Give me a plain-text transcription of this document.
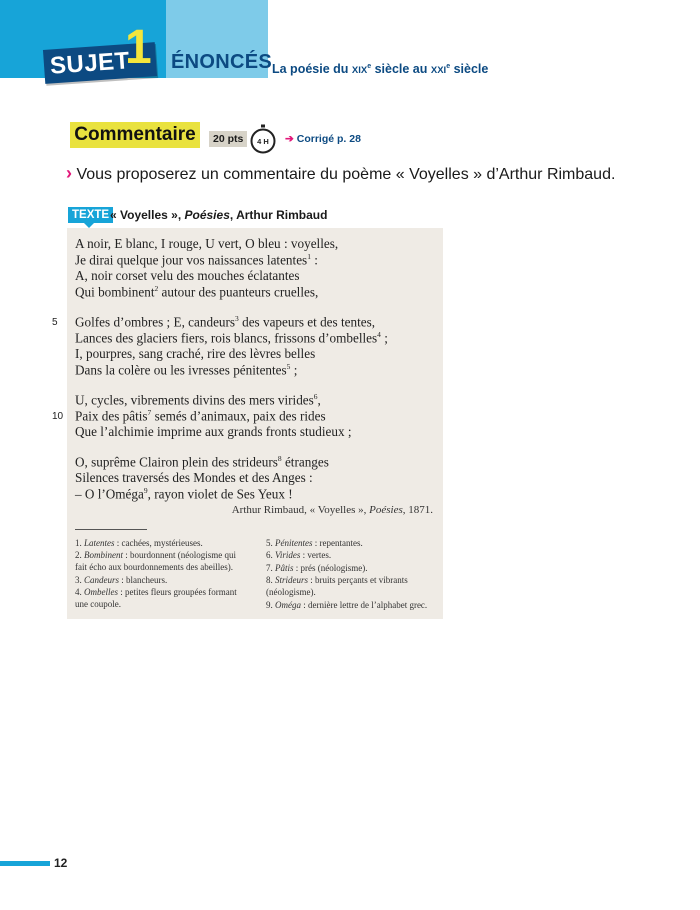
SUJET
1 ÉNONCÉS La poésie du XIXe siècle au XXIe siècle
Commentaire	20 pts	4 H ➔ Corrigé p. 28
› Vous proposerez un commentaire du poème « Voyelles » d’Arthur Rimbaud.
TEXTE « Voyelles », Poésies, Arthur Rimbaud
A noir, E blanc, I rouge, U vert, O bleu : voyelles,
Je dirai quelque jour vos naissances latentes$^1$ :
A, noir corset velu des mouches éclatantes
Qui bombinent$^2$ autour des puanteurs cruelles,
Golfes d’ombres ; E, candeurs$^3$ des vapeurs et des tentes,
Lances des glaciers fiers, rois blancs, frissons d’ombelles$^4$ ;
I, pourpres, sang craché, rire des lèvres belles
Dans la colère ou les ivresses pénitentes$^5$ ;
U, cycles, vibrements divins des mers virides$^6$,
Paix des pâtis$^7$ semés d’animaux, paix des rides
Que l’alchimie imprime aux grands fronts studieux ;
O, suprême Clairon plein des strideurs$^8$ étranges
Silences traversés des Mondes et des Anges :
– O l’Oméga$^9$, rayon violet de Ses Yeux !
Arthur Rimbaud, « Voyelles », Poésies, 1871.
1. Latentes : cachées, mystérieuses.
2. Bombinent : bourdonnent (néologisme qui
fait écho aux bourdonnements des abeilles).
3. Candeurs : blancheurs.
4. Ombelles : petites fleurs groupées formant
une coupole.
5. Pénitentes : repentantes.
6. Virides : vertes.
7. Pâtis : prés (néologisme).
8. Strideurs : bruits perçants et vibrants
(néologisme).
9. Oméga : dernière lettre de l’alphabet grec.
5
10
12
